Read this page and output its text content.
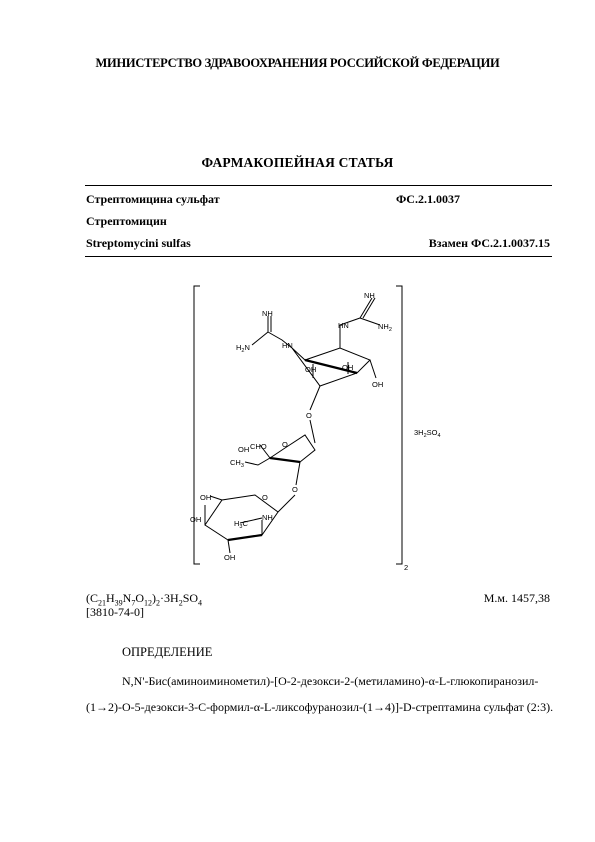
МИНИСТЕРСТВО ЗДРАВООХРАНЕНИЯ РОССИЙСКОЙ ФЕДЕРАЦИИ
ФАРМАКОПЕЙНАЯ СТАТЬЯ
Стрептомицина сульфат	ФС.2.1.0037
Стрептомицин
Streptomycini sulfas	Взамен ФС.2.1.0037.15
NH
$NH_2$
HN
NH
$H_2N$	HN
OH	OH
OH
O
O
CHO
OH
$CH_3$
O
O
OH
OH
OH
$H_3C$
NH
$3H_2SO_4$
2
$(C_{21}H_{39}N_7O_{12})_2\cdot 3H_2SO_4$	М.м. 1457,38
[3810-74-0]
ОПРЕДЕЛЕНИЕ
N,N'-Бис(аминоиминометил)-[O-2-дезокси-2-(метиламино)-α-L-глюкопиранозил-(1→2)-O-5-дезокси-3-C-формил-α-L-ликсофуранозил-(1→4)]-D-стрептамина сульфат (2:3).
